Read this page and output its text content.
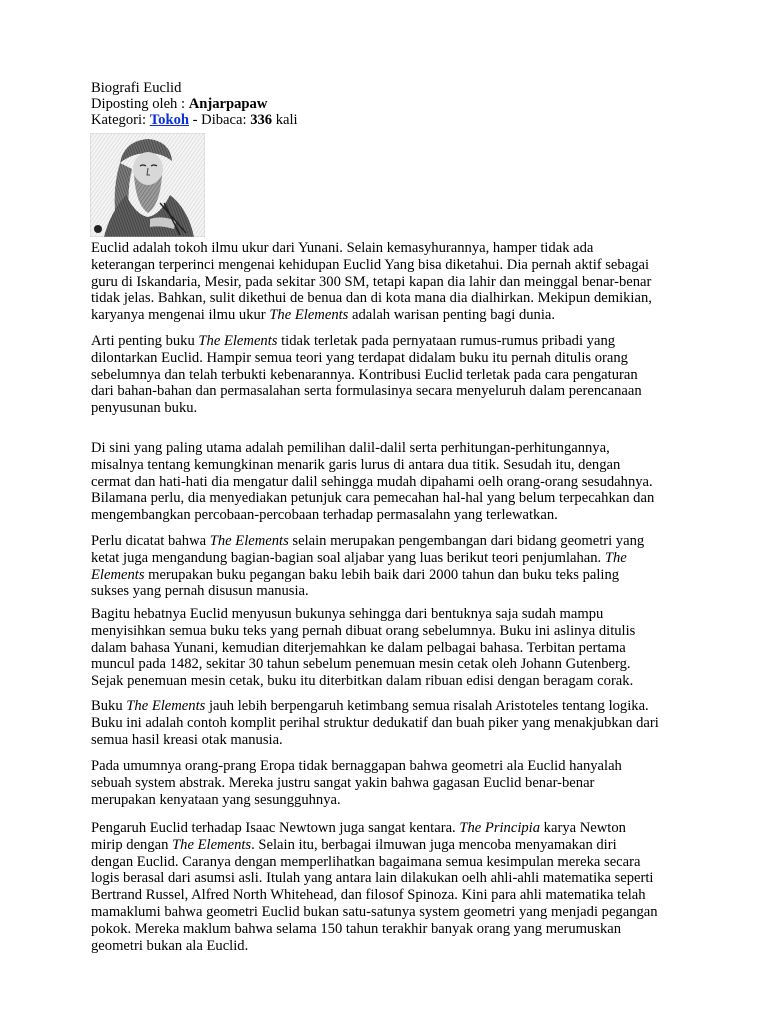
Biografi Euclid
Diposting oleh : Anjarpapaw
Kategori: Tokoh - Dibaca: 336 kali
Euclid adalah tokoh ilmu ukur dari Yunani. Selain kemasyhurannya, hamper tidak ada
keterangan terperinci mengenai kehidupan Euclid Yang bisa diketahui. Dia pernah aktif sebagai
guru di Iskandaria, Mesir, pada sekitar 300 SM, tetapi kapan dia lahir dan meinggal benar-benar
tidak jelas. Bahkan, sulit dikethui de benua dan di kota mana dia dialhirkan. Mekipun demikian,
karyanya mengenai ilmu ukur The Elements adalah warisan penting bagi dunia.
Arti penting buku The Elements tidak terletak pada pernyataan rumus-rumus pribadi yang
dilontarkan Euclid. Hampir semua teori yang terdapat didalam buku itu pernah ditulis orang
sebelumnya dan telah terbukti kebenarannya. Kontribusi Euclid terletak pada cara pengaturan
dari bahan-bahan dan permasalahan serta formulasinya secara menyeluruh dalam perencanaan
penyusunan buku.
Di sini yang paling utama adalah pemilihan dalil-dalil serta perhitungan-perhitungannya,
misalnya tentang kemungkinan menarik garis lurus di antara dua titik. Sesudah itu, dengan
cermat dan hati-hati dia mengatur dalil sehingga mudah dipahami oelh orang-orang sesudahnya.
Bilamana perlu, dia menyediakan petunjuk cara pemecahan hal-hal yang belum terpecahkan dan
mengembangkan percobaan-percobaan terhadap permasalahn yang terlewatkan.
Perlu dicatat bahwa The Elements selain merupakan pengembangan dari bidang geometri yang
ketat juga mengandung bagian-bagian soal aljabar yang luas berikut teori penjumlahan. The
Elements merupakan buku pegangan baku lebih baik dari 2000 tahun dan buku teks paling
sukses yang pernah disusun manusia.
Bagitu hebatnya Euclid menyusun bukunya sehingga dari bentuknya saja sudah mampu
menyisihkan semua buku teks yang pernah dibuat orang sebelumnya. Buku ini aslinya ditulis
dalam bahasa Yunani, kemudian diterjemahkan ke dalam pelbagai bahasa. Terbitan pertama
muncul pada 1482, sekitar 30 tahun sebelum penemuan mesin cetak oleh Johann Gutenberg.
Sejak penemuan mesin cetak, buku itu diterbitkan dalam ribuan edisi dengan beragam corak.
Buku The Elements jauh lebih berpengaruh ketimbang semua risalah Aristoteles tentang logika.
Buku ini adalah contoh komplit perihal struktur dedukatif dan buah piker yang menakjubkan dari
semua hasil kreasi otak manusia.
Pada umumnya orang-prang Eropa tidak bernaggapan bahwa geometri ala Euclid hanyalah
sebuah system abstrak. Mereka justru sangat yakin bahwa gagasan Euclid benar-benar
merupakan kenyataan yang sesungguhnya.
Pengaruh Euclid terhadap Isaac Newtown juga sangat kentara. The Principia karya Newton
mirip dengan The Elements. Selain itu, berbagai ilmuwan juga mencoba menyamakan diri
dengan Euclid. Caranya dengan memperlihatkan bagaimana semua kesimpulan mereka secara
logis berasal dari asumsi asli. Itulah yang antara lain dilakukan oelh ahli-ahli matematika seperti
Bertrand Russel, Alfred North Whitehead, dan filosof Spinoza. Kini para ahli matematika telah
mamaklumi bahwa geometri Euclid bukan satu-satunya system geometri yang menjadi pegangan
pokok. Mereka maklum bahwa selama 150 tahun terakhir banyak orang yang merumuskan
geometri bukan ala Euclid.
